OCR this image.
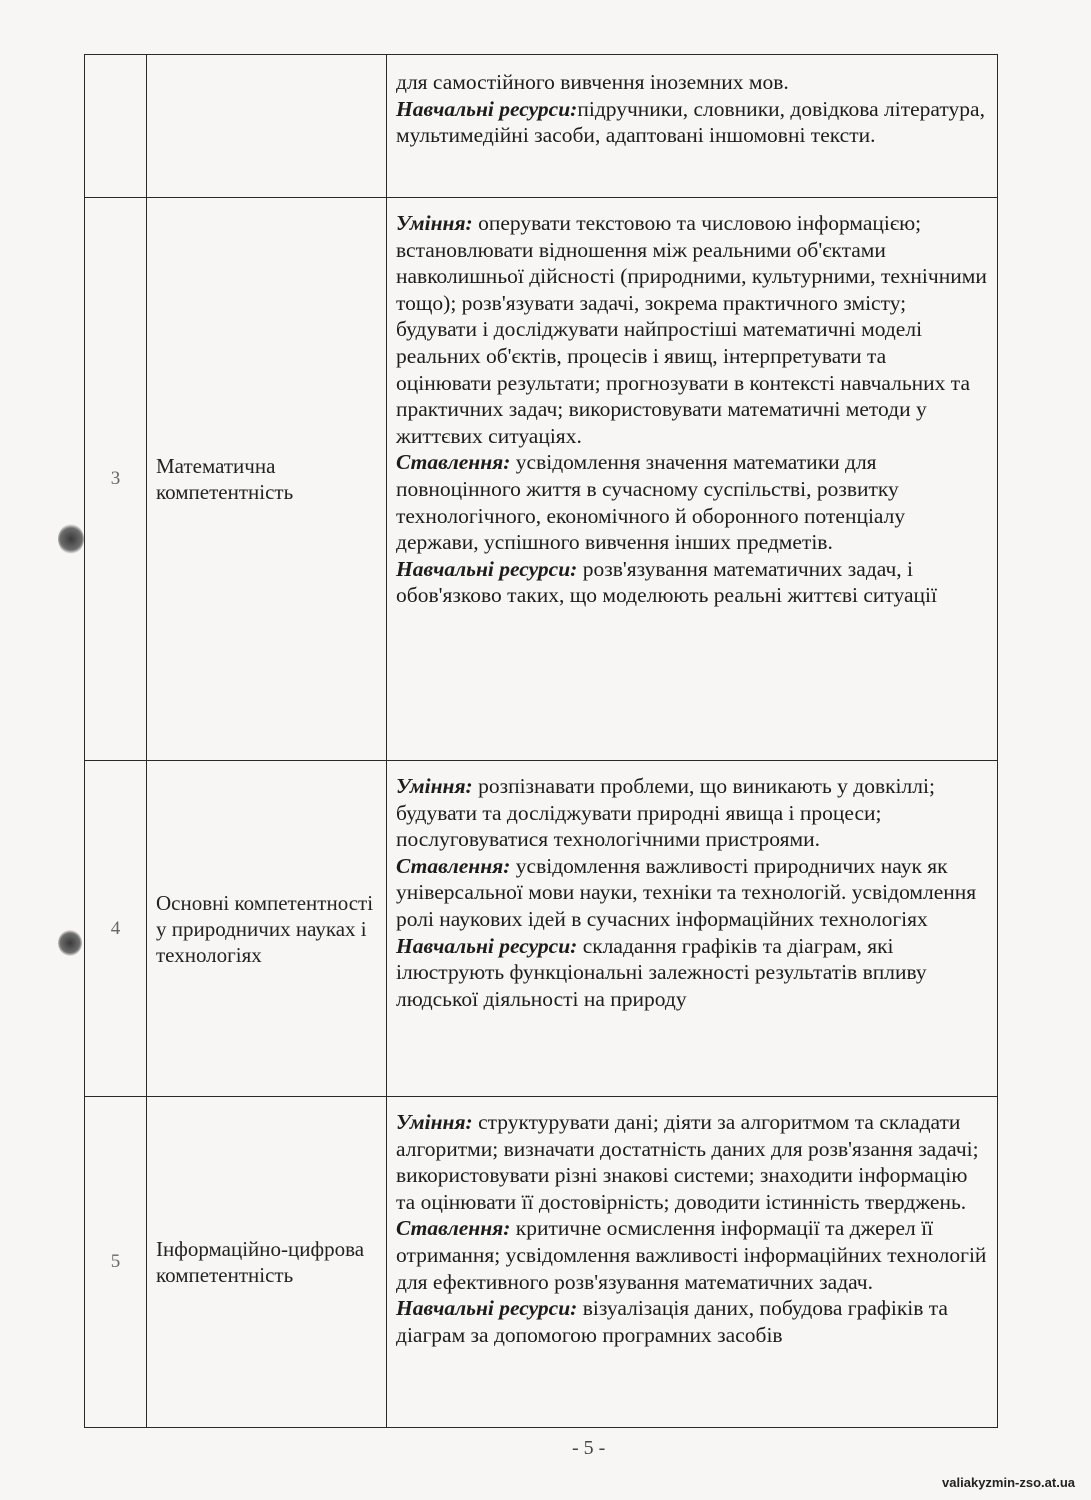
		для самостійного вивчення іноземних мов.
Навчальні ресурси:підручники, словники, довідкова література, мультимедійні засоби, адаптовані іншомовні тексти.

3	Математична компетентність	Уміння: оперувати текстовою та числовою інформацією; встановлювати відношення між реальними об'єктами навколишньої дійсності (природними, культурними, технічними тощо); розв'язувати задачі, зокрема практичного змісту; будувати і досліджувати найпростіші математичні моделі реальних об'єктів, процесів і явищ, інтерпретувати та оцінювати результати; прогнозувати в контексті навчальних та практичних задач; використовувати математичні методи у життєвих ситуаціях.
Ставлення: усвідомлення значення математики для повноцінного життя в сучасному суспільстві, розвитку технологічного, економічного й оборонного потенціалу держави, успішного вивчення інших предметів.
Навчальні ресурси: розв'язування математичних задач, і обов'язково таких, що моделюють реальні життєві ситуації

4	Основні компетентності у природничих науках і технологіях	Уміння: розпізнавати проблеми, що виникають у довкіллі; будувати та досліджувати природні явища і процеси; послуговуватися технологічними пристроями.
Ставлення: усвідомлення важливості природничих наук як універсальної мови науки, техніки та технологій. усвідомлення ролі наукових ідей в сучасних інформаційних технологіях
Навчальні ресурси: складання графіків та діаграм, які ілюструють функціональні залежності результатів впливу людської діяльності на природу

5	Інформаційно-цифрова компетентність	Уміння: структурувати дані; діяти за алгоритмом та складати алгоритми; визначати достатність даних для розв'язання задачі; використовувати різні знакові системи; знаходити інформацію та оцінювати її достовірність; доводити істинність тверджень.
Ставлення: критичне осмислення інформації та джерел її отримання; усвідомлення важливості інформаційних технологій для ефективного розв'язування математичних задач.
Навчальні ресурси: візуалізація даних, побудова графіків та діаграм за допомогою програмних засобів
- 5 -
valiakyzmin-zso.at.ua
